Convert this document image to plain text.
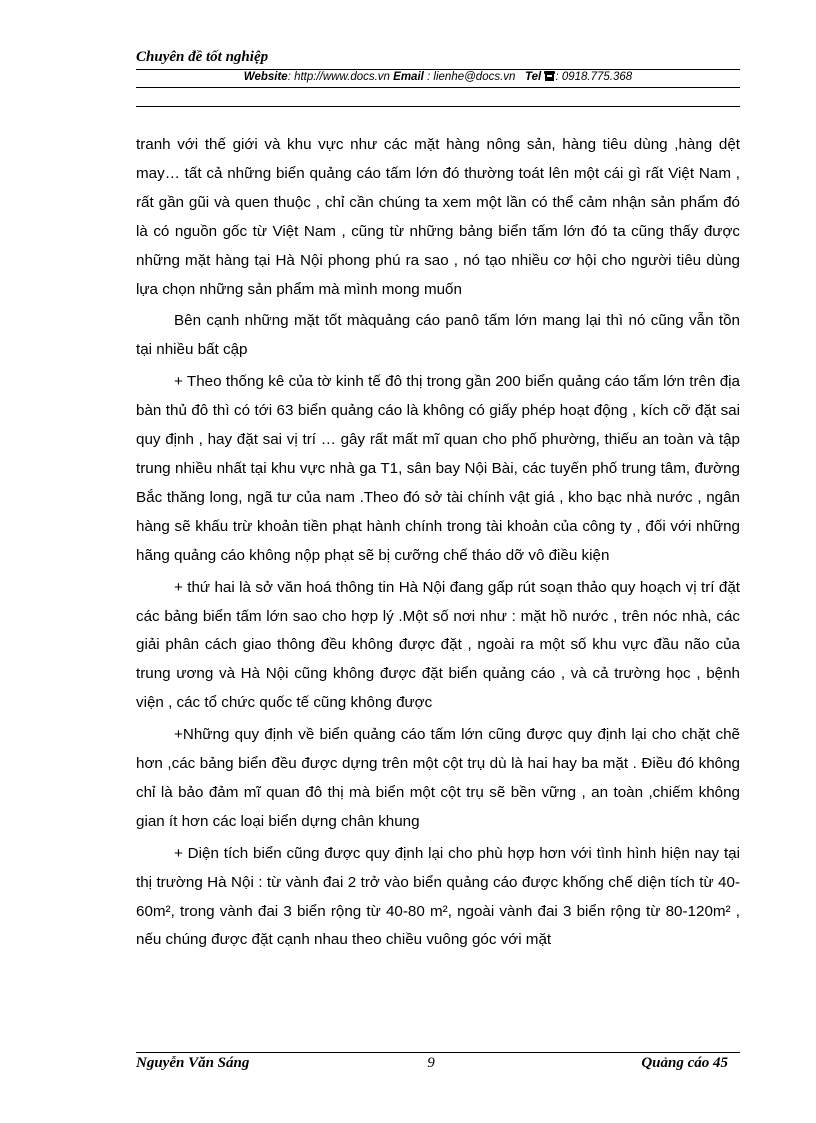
Chuyên đề tốt nghiệp
Website: http://www.docs.vn Email : lienhe@docs.vn Tel : 0918.775.368

tranh với thế giới và khu vực như các mặt hàng nông sản, hàng tiêu dùng ,hàng dệt may… tất cả những biển quảng cáo tấm lớn đó thường toát lên một cái gì rất Việt Nam , rất gần gũi và quen thuộc , chỉ cần chúng ta xem một lần có thể cảm nhận sản phẩm đó là có nguồn gốc từ Việt Nam , cũng từ những bảng biển tấm lớn đó ta cũng thấy được những mặt hàng tại Hà Nội phong phú ra sao , nó tạo nhiều cơ hội cho người tiêu dùng lựa chọn những sản phẩm mà mình mong muốn

Bên cạnh những mặt tốt màquảng cáo panô tấm lớn mang lại thì nó cũng vẫn tồn tại nhiều bất cập

+ Theo thống kê của tờ kinh tế đô thị trong gần 200 biển quảng cáo tấm lớn trên địa bàn thủ đô thì có tới 63 biển quảng cáo là không có giấy phép hoạt động , kích cỡ đặt sai quy định , hay đặt sai vị trí … gây rất mất mĩ quan cho phố phường, thiếu an toàn và tập trung nhiều nhất tại khu vực nhà ga T1, sân bay Nội Bài, các tuyến phố trung tâm, đường Bắc thăng long, ngã tư của nam .Theo đó sở tài chính vật giá , kho bạc nhà nước , ngân hàng sẽ khấu trừ khoản tiền phạt hành chính trong tài khoản của công ty , đối với những hãng quảng cáo không nộp phạt sẽ bị cưỡng chế tháo dỡ vô điều kiện

+ thứ hai là sở văn hoá thông tin Hà Nội đang gấp rút soạn thảo quy hoạch vị trí đặt các bảng biển tấm lớn sao cho hợp lý .Một số nơi như : mặt hồ nước , trên nóc nhà, các giải phân cách giao thông đều không được đặt , ngoài ra một số khu vực đầu não của trung ương và Hà Nội cũng không được đặt biển quảng cáo , và cả trường học , bệnh viện , các tổ chức quốc tế cũng không được

+Những quy định về biển quảng cáo tấm lớn cũng được quy định lại cho chặt chẽ hơn ,các bảng biển đều được dựng trên một cột trụ dù là hai hay ba mặt . Điều đó không chỉ là bảo đảm mĩ quan đô thị mà biển một cột trụ sẽ bền vững , an toàn ,chiếm không gian ít hơn các loại biển dựng chân khung

+ Diện tích biển cũng được quy định lại cho phù hợp hơn với tình hình hiện nay tại thị trường Hà Nội : từ vành đai 2 trở vào biển quảng cáo được khống chế diện tích từ 40-60m², trong vành đai 3 biển rộng từ 40-80 m², ngoài vành đai 3 biển rộng từ 80-120m² , nếu chúng được đặt cạnh nhau theo chiều vuông góc với mặt

Nguyễn Văn Sáng	9	Quảng cáo 45
